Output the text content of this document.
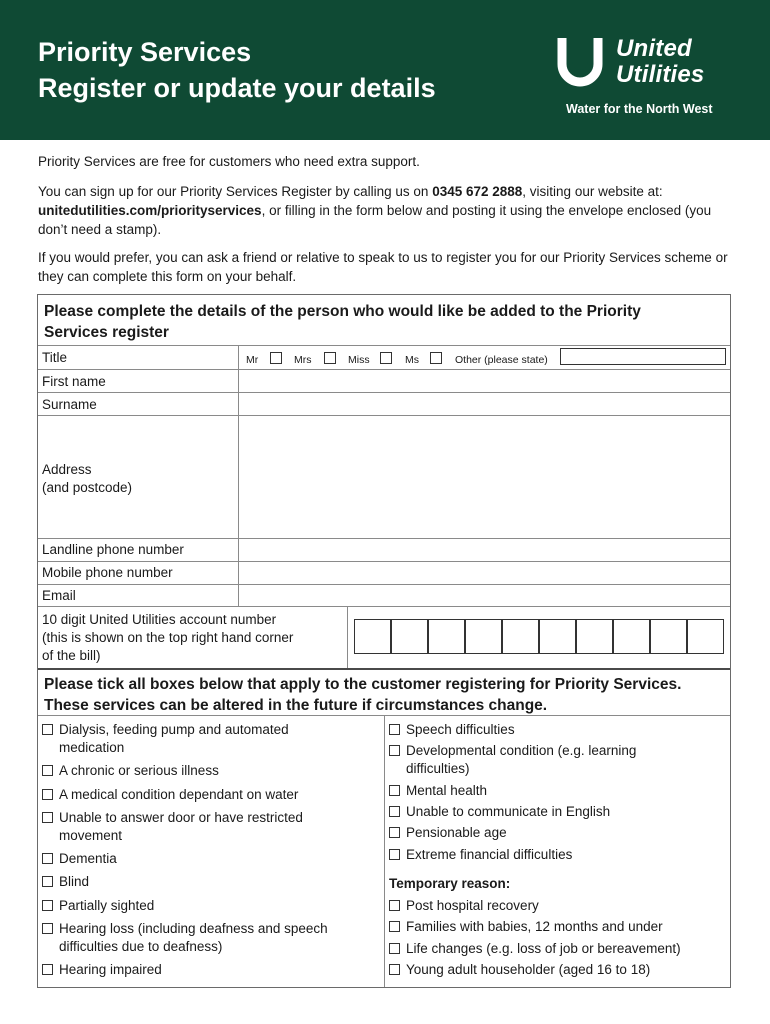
Priority Services
Register or update your details
United
Utilities
Water for the North West
Priority Services are free for customers who need extra support.
You can sign up for our Priority Services Register by calling us on 0345 672 2888, visiting our website at: unitedutilities.com/priorityservices, or filling in the form below and posting it using the envelope enclosed (you don’t need a stamp).
If you would prefer, you can ask a friend or relative to speak to us to register you for our Priority Services scheme or they can complete this form on your behalf.
Please complete the details of the person who would like be added to the Priority Services register
Title	Mr	Mrs	Miss	Ms	Other (please state)
First name
Surname
Address
(and postcode)
Landline phone number
Mobile phone number
Email
10 digit United Utilities account number
(this is shown on the top right hand corner
of the bill)
Please tick all boxes below that apply to the customer registering for Priority Services. These services can be altered in the future if circumstances change.
Dialysis, feeding pump and automated
medication
A chronic or serious illness
A medical condition dependant on water
Unable to answer door or have restricted
movement
Dementia
Blind
Partially sighted
Hearing loss (including deafness and speech
difficulties due to deafness)
Hearing impaired
Speech difficulties
Developmental condition (e.g. learning
difficulties)
Mental health
Unable to communicate in English
Pensionable age
Extreme financial difficulties
Temporary reason:
Post hospital recovery
Families with babies, 12 months and under
Life changes (e.g. loss of job or bereavement)
Young adult householder (aged 16 to 18)
